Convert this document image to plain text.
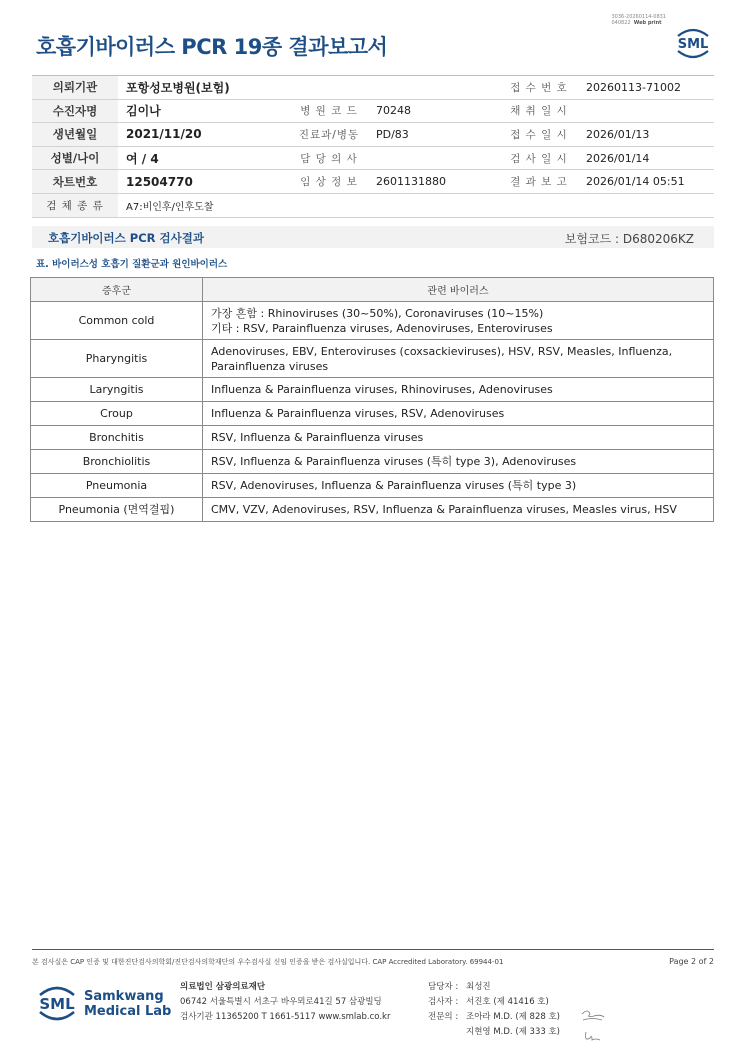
3036-20260114-0831
040822 Web print
호흡기바이러스 PCR 19종 결과보고서	SML
의뢰기관	포항성모병원(보험)			접 수 번 호	20260113-71002
수진자명	김이나	병 원 코 드	70248	채 취 일 시	
생년월일	2021/11/20	진료과/병동	PD/83	접 수 일 시	2026/01/13
성별/나이	여 / 4	담 당 의 사		검 사 일 시	2026/01/14
차트번호	12504770	임 상 정 보	2601131880	결 과 보 고	2026/01/14 05:51
검 체 종 류	A7:비인후/인후도찰				
호흡기바이러스 PCR 검사결과	보험코드 : D680206KZ
표. 바이러스성 호흡기 질환군과 원인바이러스
증후군	관련 바이러스
Common cold	가장 흔함 : Rhinoviruses (30~50%), Coronaviruses (10~15%)
기타 : RSV, Parainfluenza viruses, Adenoviruses, Enteroviruses

Pharyngitis	Adenoviruses, EBV, Enteroviruses (coxsackieviruses), HSV, RSV, Measles, Influenza,
Parainfluenza viruses

Laryngitis	Influenza & Parainfluenza viruses, Rhinoviruses, Adenoviruses
Croup	Influenza & Parainfluenza viruses, RSV, Adenoviruses
Bronchitis	RSV, Influenza & Parainfluenza viruses
Bronchiolitis	RSV, Influenza & Parainfluenza viruses (특히 type 3), Adenoviruses
Pneumonia	RSV, Adenoviruses, Influenza & Parainfluenza viruses (특히 type 3)
Pneumonia (면역결핍)	CMV, VZV, Adenoviruses, RSV, Influenza & Parainfluenza viruses, Measles virus, HSV
본 검사실은 CAP 인증 및 대한진단검사의학회/진단검사의학재단의 우수검사실 신임 인증을 받은 검사실입니다. CAP Accredited Laboratory. 69944-01	Page 2 of 2
SML Samkwang
Medical Lab
의료법인 삼광의료재단
06742 서울특별시 서초구 바우뫼로41길 57 삼광빌딩
검사기관 11365200 T 1661-5117 www.smlab.co.kr
담당자 : 최성진
검사자 : 서진호 (제 41416 호)
전문의 : 조아라 M.D. (제 828 호)
지현영 M.D. (제 333 호)
